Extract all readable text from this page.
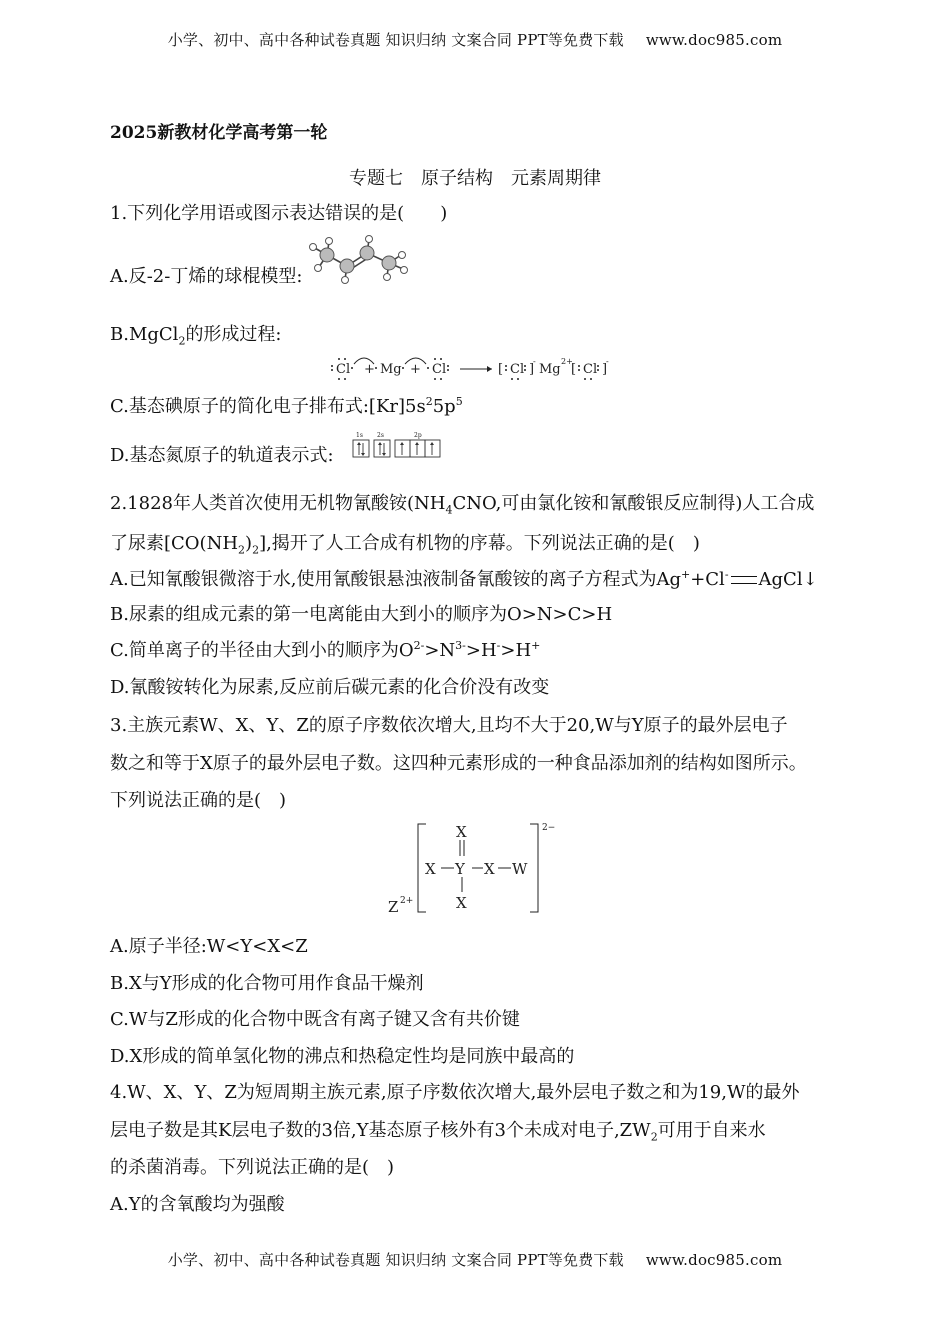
小学、初中、高中各种试卷真题 知识归纳 文案合同 PPT等免费下载 www.doc985.com
2025新教材化学高考第一轮
专题七　原子结构　元素周期律
1.下列化学用语或图示表达错误的是(　　)
A.反-2-丁烯的球棍模型:
B.MgCl$_2$的形成过程:
Cl + Mg + Cl	[ Cl ]
-
Mg
2+
[ Cl ]
-
C.基态碘原子的简化电子排布式$:[Kr]5s^25p^5$
D.基态氮原子的轨道表示式:
1s 2s	2p
2.1828年人类首次使用无机物氰酸铵($NH_4CNO$,可由氯化铵和氰酸银反应制得)人工合成
了尿素$[CO(NH_2)_2]$,揭开了人工合成有机物的序幕。下列说法正确的是(　)
A.已知氰酸银微溶于水,使用氰酸银悬浊液制备氰酸铵的离子方程式为Ag++Cl- AgCl↓
B.尿素的组成元素的第一电离能由大到小的顺序为O>N>C>H
C.简单离子的半径由大到小的顺序为$O^{2-}>N^{3-}>H^->H^+$
D.氰酸铵转化为尿素,反应前后碳元素的化合价没有改变
3.主族元素W、X、Y、Z的原子序数依次增大,且均不大于20,W与Y原子的最外层电子
数之和等于X原子的最外层电子数。这四种元素形成的一种食品添加剂的结构如图所示。
下列说法正确的是(　)
X
X Y X W
X
Z 2+
2−
A.原子半径:W<Y<X<Z
B.X与Y形成的化合物可用作食品干燥剂
C.W与Z形成的化合物中既含有离子键又含有共价键
D.X形成的简单氢化物的沸点和热稳定性均是同族中最高的
4.W、X、Y、Z为短周期主族元素,原子序数依次增大,最外层电子数之和为19,W的最外
层电子数是其K层电子数的3倍,Y基态原子核外有3个未成对电子$,ZW_2$可用于自来水
的杀菌消毒。下列说法正确的是(　)
A.Y的含氧酸均为强酸
小学、初中、高中各种试卷真题 知识归纳 文案合同 PPT等免费下载 www.doc985.com
